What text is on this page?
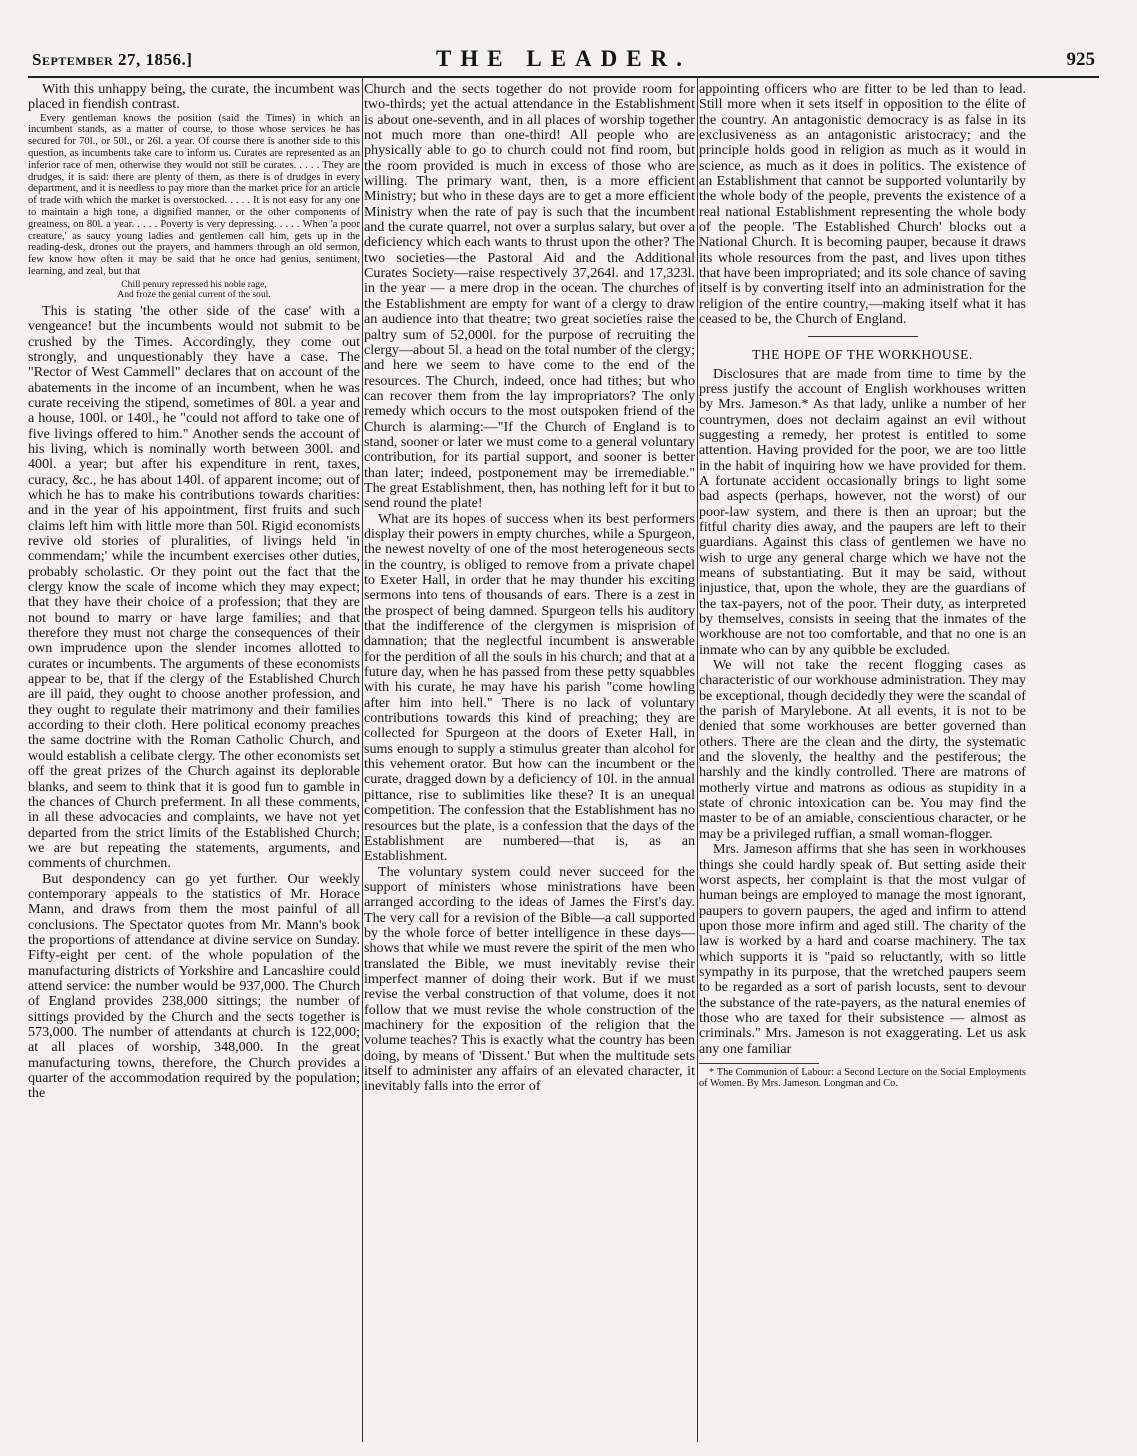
September 27, 1856.]	THE LEADER.	925

With this unhappy being, the curate, the incumbent was placed in fiendish contrast.

Every gentleman knows the position (said the Times) in which an incumbent stands, as a matter of course, to those whose services he has secured for 70l., or 50l., or 26l. a year. Of course there is another side to this question, as incumbents take care to inform us. Curates are represented as an inferior race of men, otherwise they would not still be curates. . . . . They are drudges, it is said: there are plenty of them, as there is of drudges in every department, and it is needless to pay more than the market price for an article of trade with which the market is overstocked. . . . . It is not easy for any one to maintain a high tone, a dignified manner, or the other components of greatness, on 80l. a year. . . . . Poverty is very depressing. . . . . When 'a poor creature,' as saucy young ladies and gentlemen call him, gets up in the reading-desk, drones out the prayers, and hammers through an old sermon, few know how often it may be said that he once had genius, sentiment, learning, and zeal, but that

Chill penury repressed his noble rage,
And froze the genial current of the soul.

This is stating 'the other side of the case' with a vengeance! but the incumbents would not submit to be crushed by the Times. Accordingly, they come out strongly, and unquestionably they have a case. The "Rector of West Cammell" declares that on account of the abatements in the income of an incumbent, when he was curate receiving the stipend, sometimes of 80l. a year and a house, 100l. or 140l., he "could not afford to take one of five livings offered to him." Another sends the account of his living, which is nominally worth between 300l. and 400l. a year; but after his expenditure in rent, taxes, curacy, &c., he has about 140l. of apparent income; out of which he has to make his contributions towards charities: and in the year of his appointment, first fruits and such claims left him with little more than 50l. Rigid economists revive old stories of pluralities, of livings held 'in commendam;' while the incumbent exercises other duties, probably scholastic. Or they point out the fact that the clergy know the scale of income which they may expect; that they have their choice of a profession; that they are not bound to marry or have large families; and that therefore they must not charge the consequences of their own imprudence upon the slender incomes allotted to curates or incumbents. The arguments of these economists appear to be, that if the clergy of the Established Church are ill paid, they ought to choose another profession, and they ought to regulate their matrimony and their families according to their cloth. Here political economy preaches the same doctrine with the Roman Catholic Church, and would establish a celibate clergy. The other economists set off the great prizes of the Church against its deplorable blanks, and seem to think that it is good fun to gamble in the chances of Church preferment. In all these comments, in all these advocacies and complaints, we have not yet departed from the strict limits of the Established Church; we are but repeating the statements, arguments, and comments of churchmen.

But despondency can go yet further. Our weekly contemporary appeals to the statistics of Mr. Horace Mann, and draws from them the most painful of all conclusions. The Spectator quotes from Mr. Mann's book the proportions of attendance at divine service on Sunday. Fifty-eight per cent. of the whole population of the manufacturing districts of Yorkshire and Lancashire could attend service: the number would be 937,000. The Church of England provides 238,000 sittings; the number of sittings provided by the Church and the sects together is 573,000. The number of attendants at church is 122,000; at all places of worship, 348,000. In the great manufacturing towns, therefore, the Church provides a quarter of the accommodation required by the population; the

Church and the sects together do not provide room for two-thirds; yet the actual attendance in the Establishment is about one-seventh, and in all places of worship together not much more than one-third! All people who are physically able to go to church could not find room, but the room provided is much in excess of those who are willing. The primary want, then, is a more efficient Ministry; but who in these days are to get a more efficient Ministry when the rate of pay is such that the incumbent and the curate quarrel, not over a surplus salary, but over a deficiency which each wants to thrust upon the other? The two societies—the Pastoral Aid and the Additional Curates Society—raise respectively 37,264l. and 17,323l. in the year — a mere drop in the ocean. The churches of the Establishment are empty for want of a clergy to draw an audience into that theatre; two great societies raise the paltry sum of 52,000l. for the purpose of recruiting the clergy—about 5l. a head on the total number of the clergy; and here we seem to have come to the end of the resources. The Church, indeed, once had tithes; but who can recover them from the lay impropriators? The only remedy which occurs to the most outspoken friend of the Church is alarming:—"If the Church of England is to stand, sooner or later we must come to a general voluntary contribution, for its partial support, and sooner is better than later; indeed, postponement may be irremediable." The great Establishment, then, has nothing left for it but to send round the plate!

What are its hopes of success when its best performers display their powers in empty churches, while a Spurgeon, the newest novelty of one of the most heterogeneous sects in the country, is obliged to remove from a private chapel to Exeter Hall, in order that he may thunder his exciting sermons into tens of thousands of ears. There is a zest in the prospect of being damned. Spurgeon tells his auditory that the indifference of the clergymen is misprision of damnation; that the neglectful incumbent is answerable for the perdition of all the souls in his church; and that at a future day, when he has passed from these petty squabbles with his curate, he may have his parish "come howling after him into hell." There is no lack of voluntary contributions towards this kind of preaching; they are collected for Spurgeon at the doors of Exeter Hall, in sums enough to supply a stimulus greater than alcohol for this vehement orator. But how can the incumbent or the curate, dragged down by a deficiency of 10l. in the annual pittance, rise to sublimities like these? It is an unequal competition. The confession that the Establishment has no resources but the plate, is a confession that the days of the Establishment are numbered—that is, as an Establishment.

The voluntary system could never succeed for the support of ministers whose ministrations have been arranged according to the ideas of James the First's day. The very call for a revision of the Bible—a call supported by the whole force of better intelligence in these days—shows that while we must revere the spirit of the men who translated the Bible, we must inevitably revise their imperfect manner of doing their work. But if we must revise the verbal construction of that volume, does it not follow that we must revise the whole construction of the machinery for the exposition of the religion that the volume teaches? This is exactly what the country has been doing, by means of 'Dissent.' But when the multitude sets itself to administer any affairs of an elevated character, it inevitably falls into the error of

appointing officers who are fitter to be led than to lead. Still more when it sets itself in opposition to the élite of the country. An antagonistic democracy is as false in its exclusiveness as an antagonistic aristocracy; and the principle holds good in religion as much as it would in science, as much as it does in politics. The existence of an Establishment that cannot be supported voluntarily by the whole body of the people, prevents the existence of a real national Establishment representing the whole body of the people. 'The Established Church' blocks out a National Church. It is becoming pauper, because it draws its whole resources from the past, and lives upon tithes that have been impropriated; and its sole chance of saving itself is by converting itself into an administration for the religion of the entire country,—making itself what it has ceased to be, the Church of England.

THE HOPE OF THE WORKHOUSE.

Disclosures that are made from time to time by the press justify the account of English workhouses written by Mrs. Jameson.* As that lady, unlike a number of her countrymen, does not declaim against an evil without suggesting a remedy, her protest is entitled to some attention. Having provided for the poor, we are too little in the habit of inquiring how we have provided for them. A fortunate accident occasionally brings to light some bad aspects (perhaps, however, not the worst) of our poor-law system, and there is then an uproar; but the fitful charity dies away, and the paupers are left to their guardians. Against this class of gentlemen we have no wish to urge any general charge which we have not the means of substantiating. But it may be said, without injustice, that, upon the whole, they are the guardians of the tax-payers, not of the poor. Their duty, as interpreted by themselves, consists in seeing that the inmates of the workhouse are not too comfortable, and that no one is an inmate who can by any quibble be excluded.

We will not take the recent flogging cases as characteristic of our workhouse administration. They may be exceptional, though decidedly they were the scandal of the parish of Marylebone. At all events, it is not to be denied that some workhouses are better governed than others. There are the clean and the dirty, the systematic and the slovenly, the healthy and the pestiferous; the harshly and the kindly controlled. There are matrons of motherly virtue and matrons as odious as stupidity in a state of chronic intoxication can be. You may find the master to be of an amiable, conscientious character, or he may be a privileged ruffian, a small woman-flogger.

Mrs. Jameson affirms that she has seen in workhouses things she could hardly speak of. But setting aside their worst aspects, her complaint is that the most vulgar of human beings are employed to manage the most ignorant, paupers to govern paupers, the aged and infirm to attend upon those more infirm and aged still. The charity of the law is worked by a hard and coarse machinery. The tax which supports it is "paid so reluctantly, with so little sympathy in its purpose, that the wretched paupers seem to be regarded as a sort of parish locusts, sent to devour the substance of the rate-payers, as the natural enemies of those who are taxed for their subsistence — almost as criminals." Mrs. Jameson is not exaggerating. Let us ask any one familiar

* The Communion of Labour: a Second Lecture on the Social Employments of Women. By Mrs. Jameson. Longman and Co.
